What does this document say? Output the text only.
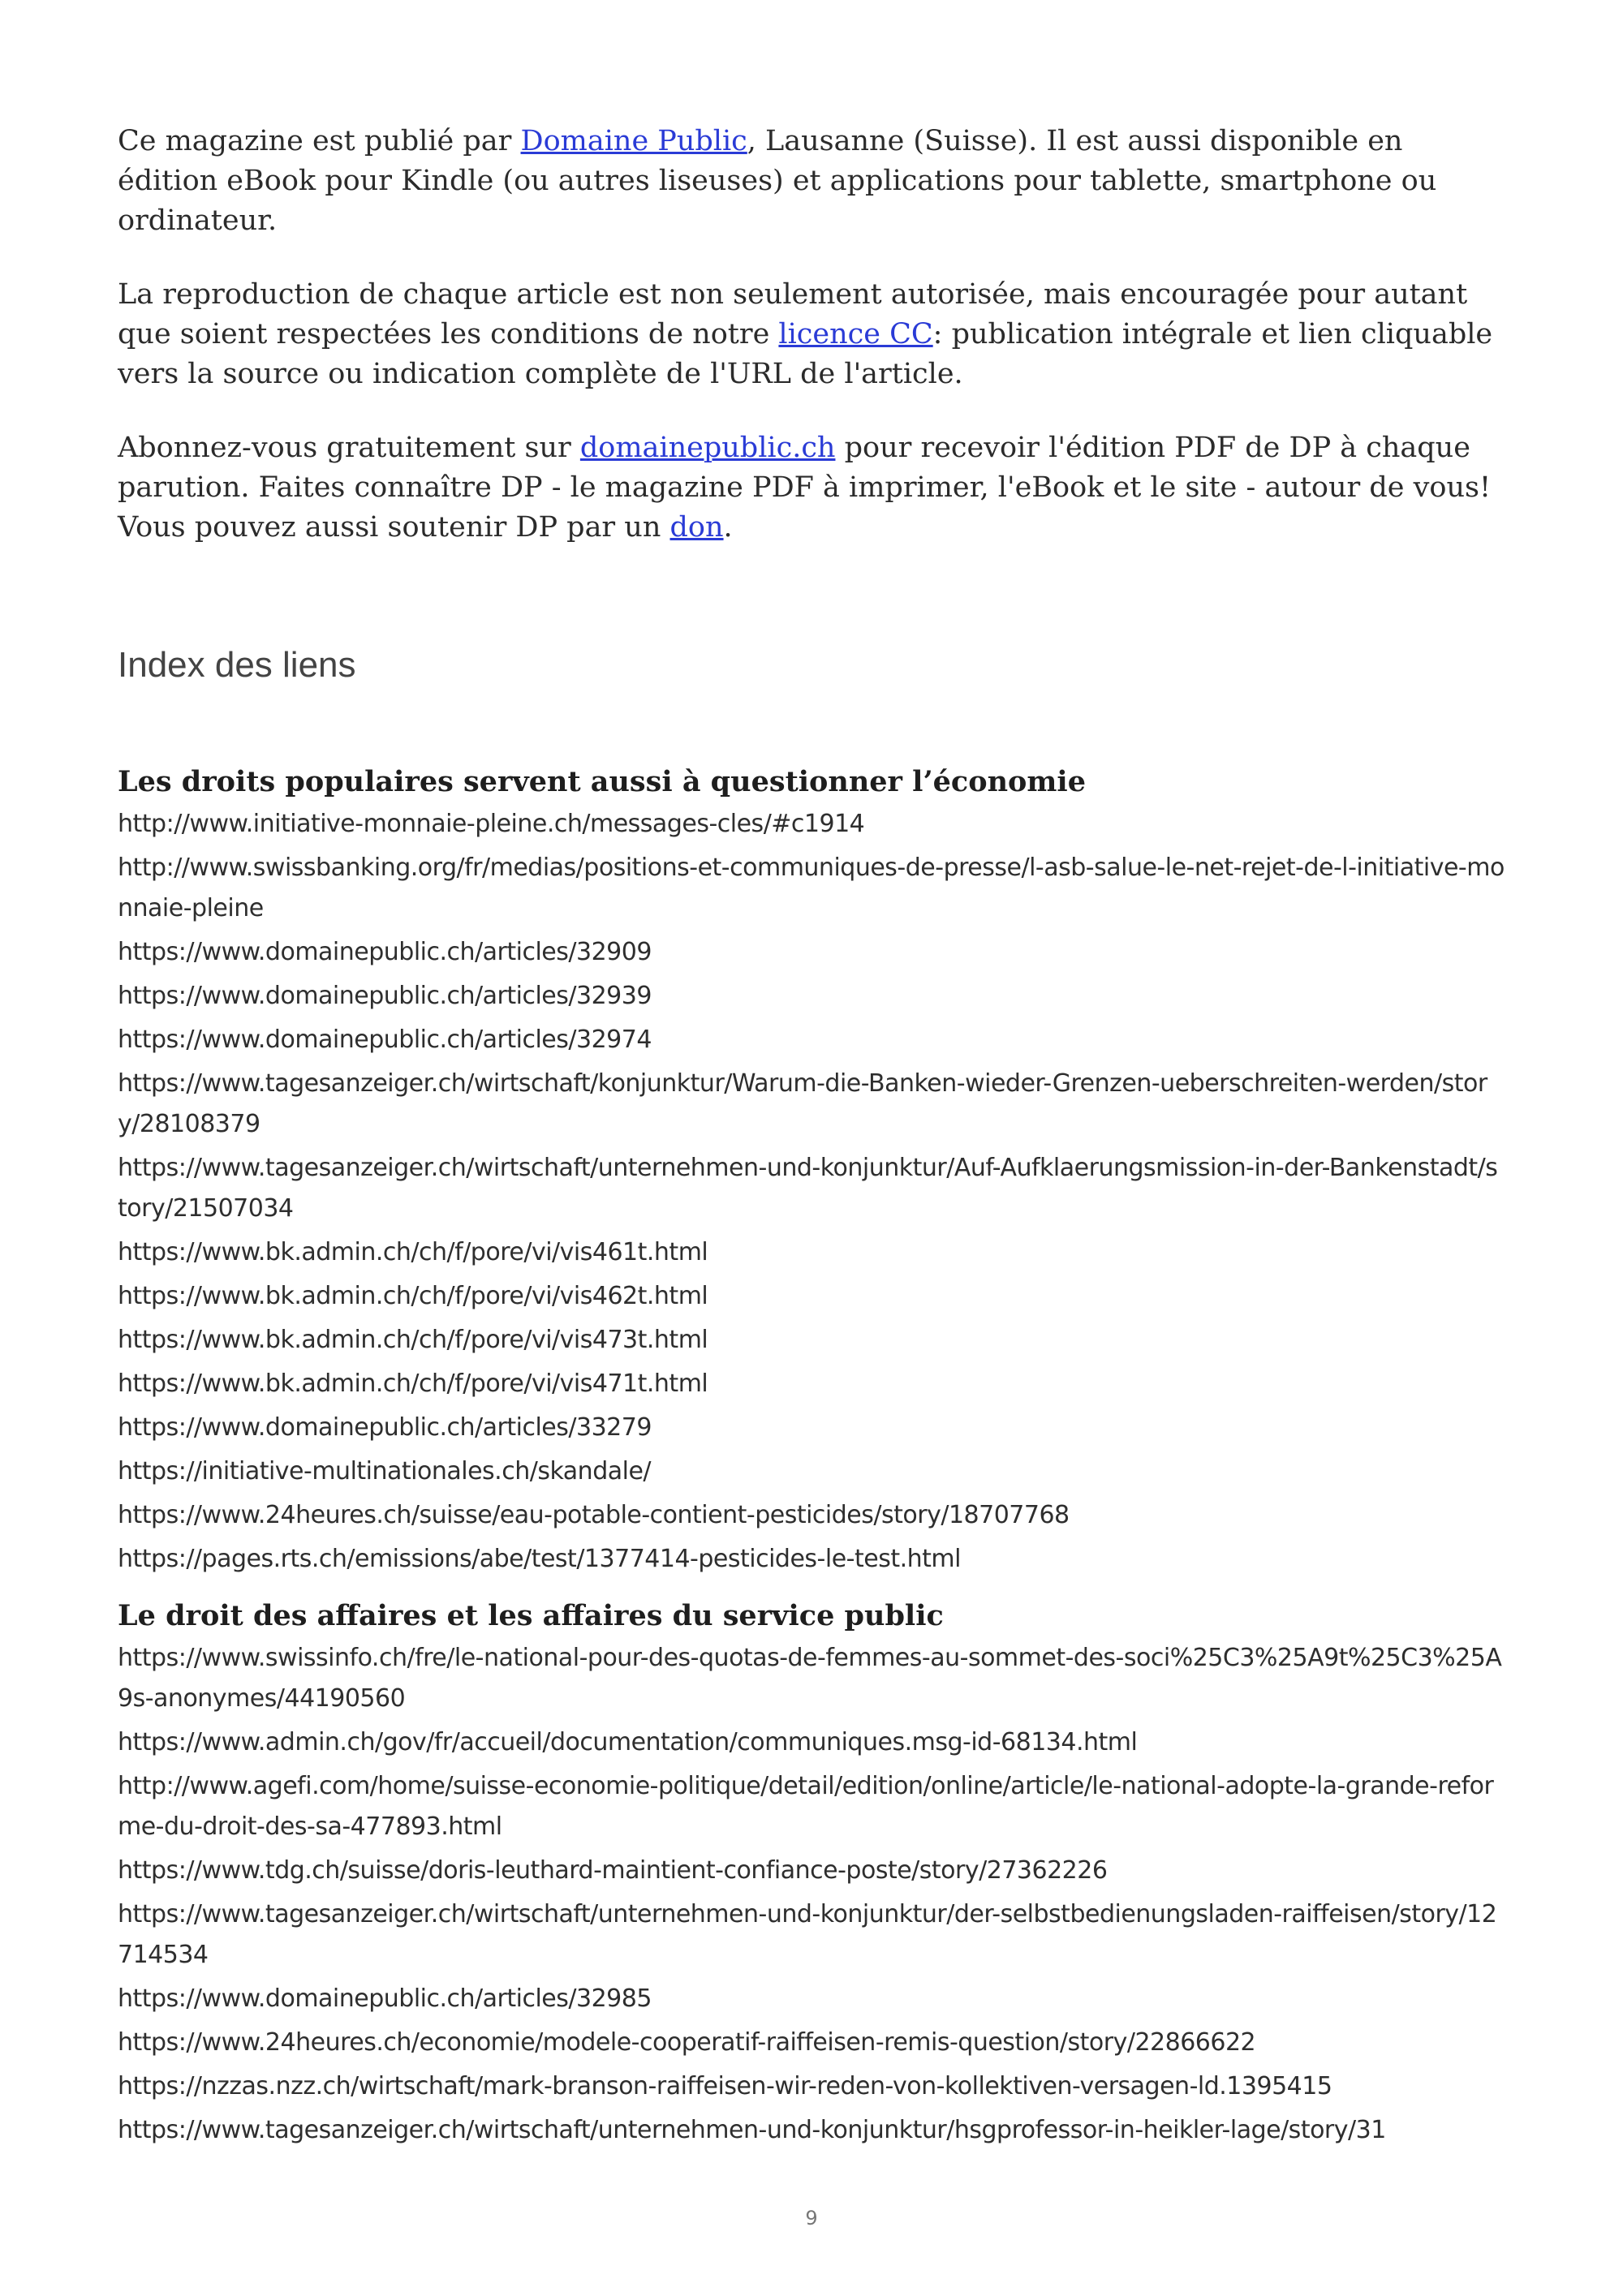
Ce magazine est publié par Domaine Public, Lausanne (Suisse). Il est aussi disponible en édition eBook pour Kindle (ou autres liseuses) et applications pour tablette, smartphone ou ordinateur.

La reproduction de chaque article est non seulement autorisée, mais encouragée pour autant que soient respectées les conditions de notre licence CC: publication intégrale et lien cliquable vers la source ou indication complète de l'URL de l'article.

Abonnez-vous gratuitement sur domainepublic.ch pour recevoir l'édition PDF de DP à chaque parution. Faites connaître DP - le magazine PDF à imprimer, l'eBook et le site - autour de vous! Vous pouvez aussi soutenir DP par un don.

Index des liens
Les droits populaires servent aussi à questionner l’économie
http://www.initiative-monnaie-pleine.ch/messages-cles/#c1914
http://www.swissbanking.org/fr/medias/positions-et-communiques-de-presse/l-asb-salue-le-net-rejet-de-l-initiative-monnaie-pleine
https://www.domainepublic.ch/articles/32909
https://www.domainepublic.ch/articles/32939
https://www.domainepublic.ch/articles/32974
https://www.tagesanzeiger.ch/wirtschaft/konjunktur/Warum-die-Banken-wieder-Grenzen-ueberschreiten-werden/story/28108379
https://www.tagesanzeiger.ch/wirtschaft/unternehmen-und-konjunktur/Auf-Aufklaerungsmission-in-der-Bankenstadt/story/21507034
https://www.bk.admin.ch/ch/f/pore/vi/vis461t.html
https://www.bk.admin.ch/ch/f/pore/vi/vis462t.html
https://www.bk.admin.ch/ch/f/pore/vi/vis473t.html
https://www.bk.admin.ch/ch/f/pore/vi/vis471t.html
https://www.domainepublic.ch/articles/33279
https://initiative-multinationales.ch/skandale/
https://www.24heures.ch/suisse/eau-potable-contient-pesticides/story/18707768
https://pages.rts.ch/emissions/abe/test/1377414-pesticides-le-test.html
Le droit des affaires et les affaires du service public
https://www.swissinfo.ch/fre/le-national-pour-des-quotas-de-femmes-au-sommet-des-soci%25C3%25A9t%25C3%25A9s-anonymes/44190560
https://www.admin.ch/gov/fr/accueil/documentation/communiques.msg-id-68134.html
http://www.agefi.com/home/suisse-economie-politique/detail/edition/online/article/le-national-adopte-la-grande-reforme-du-droit-des-sa-477893.html
https://www.tdg.ch/suisse/doris-leuthard-maintient-confiance-poste/story/27362226
https://www.tagesanzeiger.ch/wirtschaft/unternehmen-und-konjunktur/der-selbstbedienungsladen-raiffeisen/story/12714534
https://www.domainepublic.ch/articles/32985
https://www.24heures.ch/economie/modele-cooperatif-raiffeisen-remis-question/story/22866622
https://nzzas.nzz.ch/wirtschaft/mark-branson-raiffeisen-wir-reden-von-kollektiven-versagen-ld.1395415
https://www.tagesanzeiger.ch/wirtschaft/unternehmen-und-konjunktur/hsgprofessor-in-heikler-lage/story/31
9
